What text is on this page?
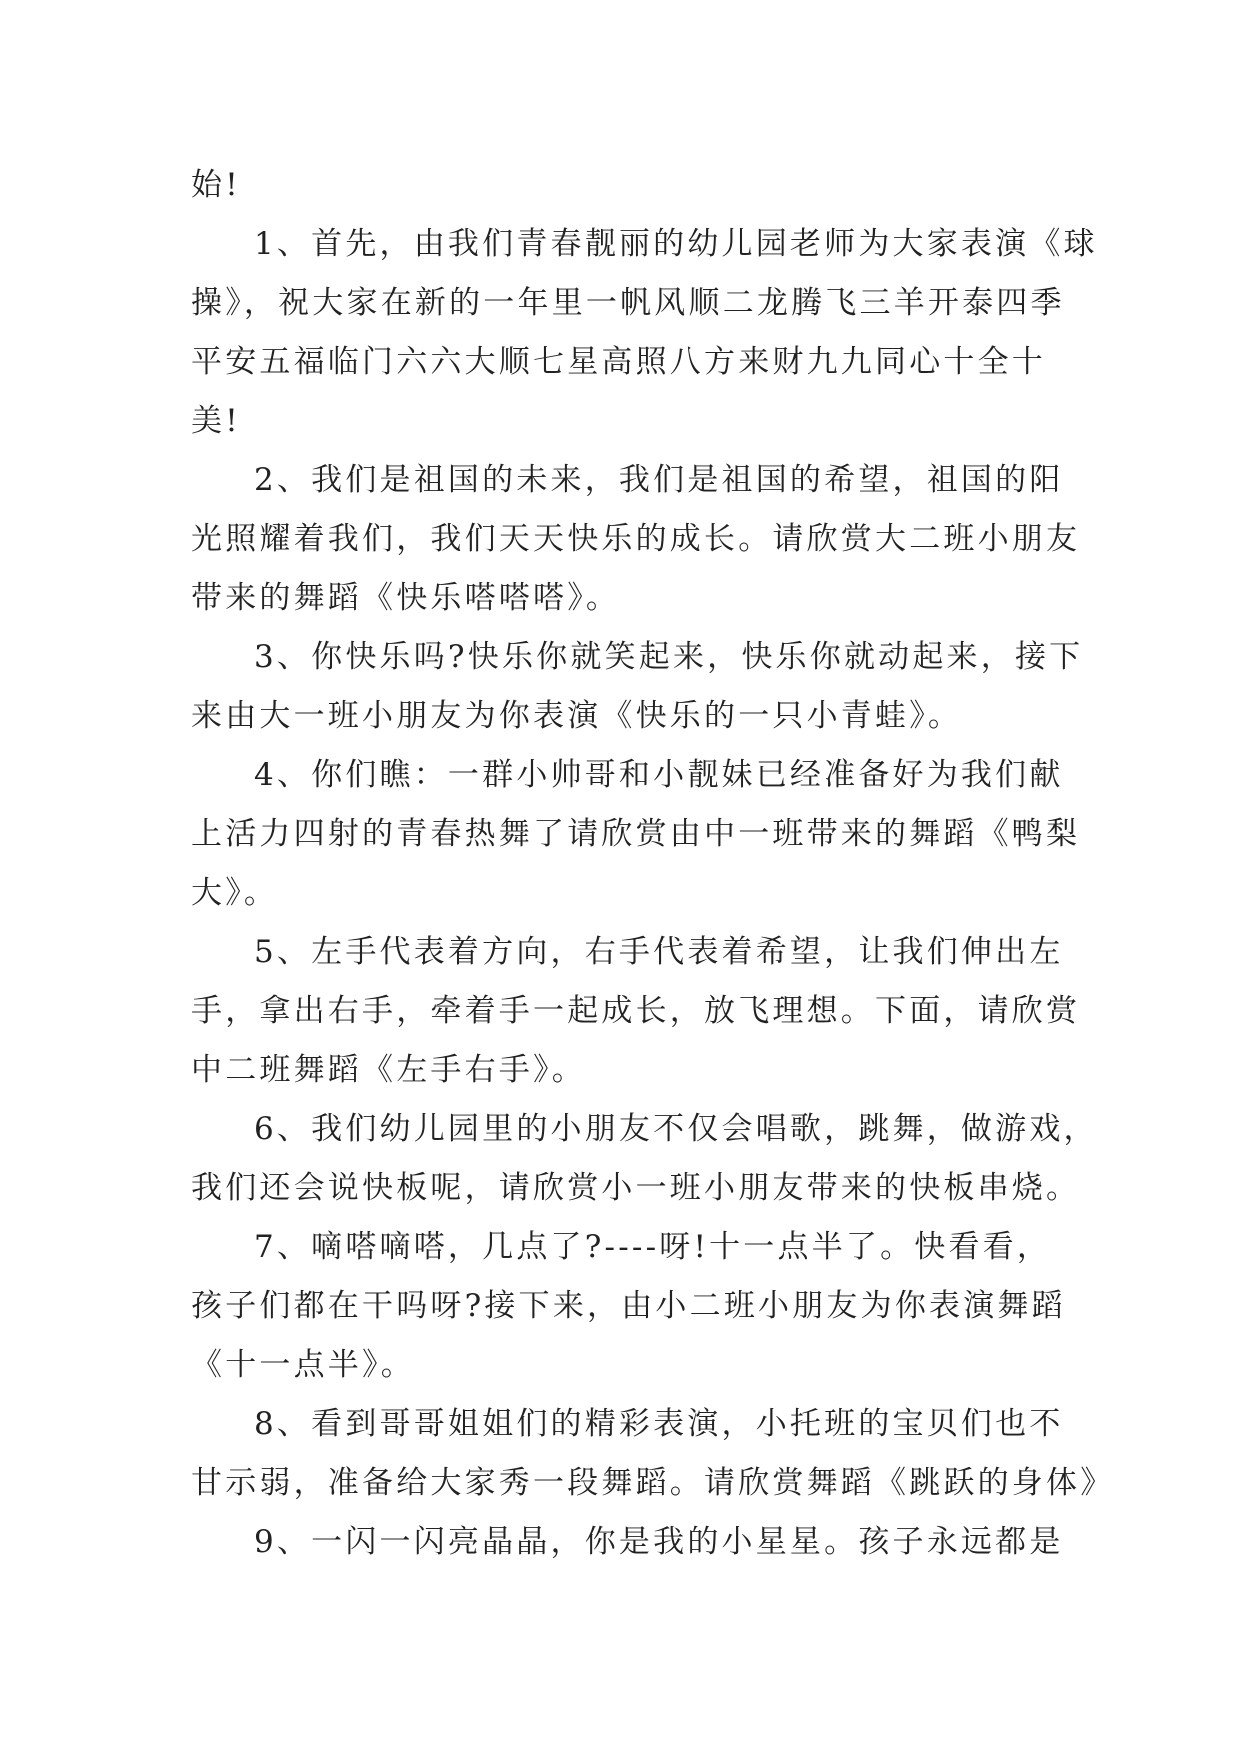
始!
1、首先，由我们青春靓丽的幼儿园老师为大家表演《球
操》，祝大家在新的一年里一帆风顺二龙腾飞三羊开泰四季
平安五福临门六六大顺七星高照八方来财九九同心十全十
美!
2、我们是祖国的未来，我们是祖国的希望，祖国的阳
光照耀着我们，我们天天快乐的成长。请欣赏大二班小朋友
带来的舞蹈《快乐嗒嗒嗒》。
3、你快乐吗?快乐你就笑起来，快乐你就动起来，接下
来由大一班小朋友为你表演《快乐的一只小青蛙》。
4、你们瞧：一群小帅哥和小靓妹已经准备好为我们献
上活力四射的青春热舞了请欣赏由中一班带来的舞蹈《鸭梨
大》。
5、左手代表着方向，右手代表着希望，让我们伸出左
手，拿出右手，牵着手一起成长，放飞理想。下面，请欣赏
中二班舞蹈《左手右手》。
6、我们幼儿园里的小朋友不仅会唱歌，跳舞，做游戏，
我们还会说快板呢，请欣赏小一班小朋友带来的快板串烧。
7、嘀嗒嘀嗒，几点了?----呀!十一点半了。快看看，
孩子们都在干吗呀?接下来，由小二班小朋友为你表演舞蹈
《十一点半》。
8、看到哥哥姐姐们的精彩表演，小托班的宝贝们也不
甘示弱，准备给大家秀一段舞蹈。请欣赏舞蹈《跳跃的身体》
9、一闪一闪亮晶晶，你是我的小星星。孩子永远都是
